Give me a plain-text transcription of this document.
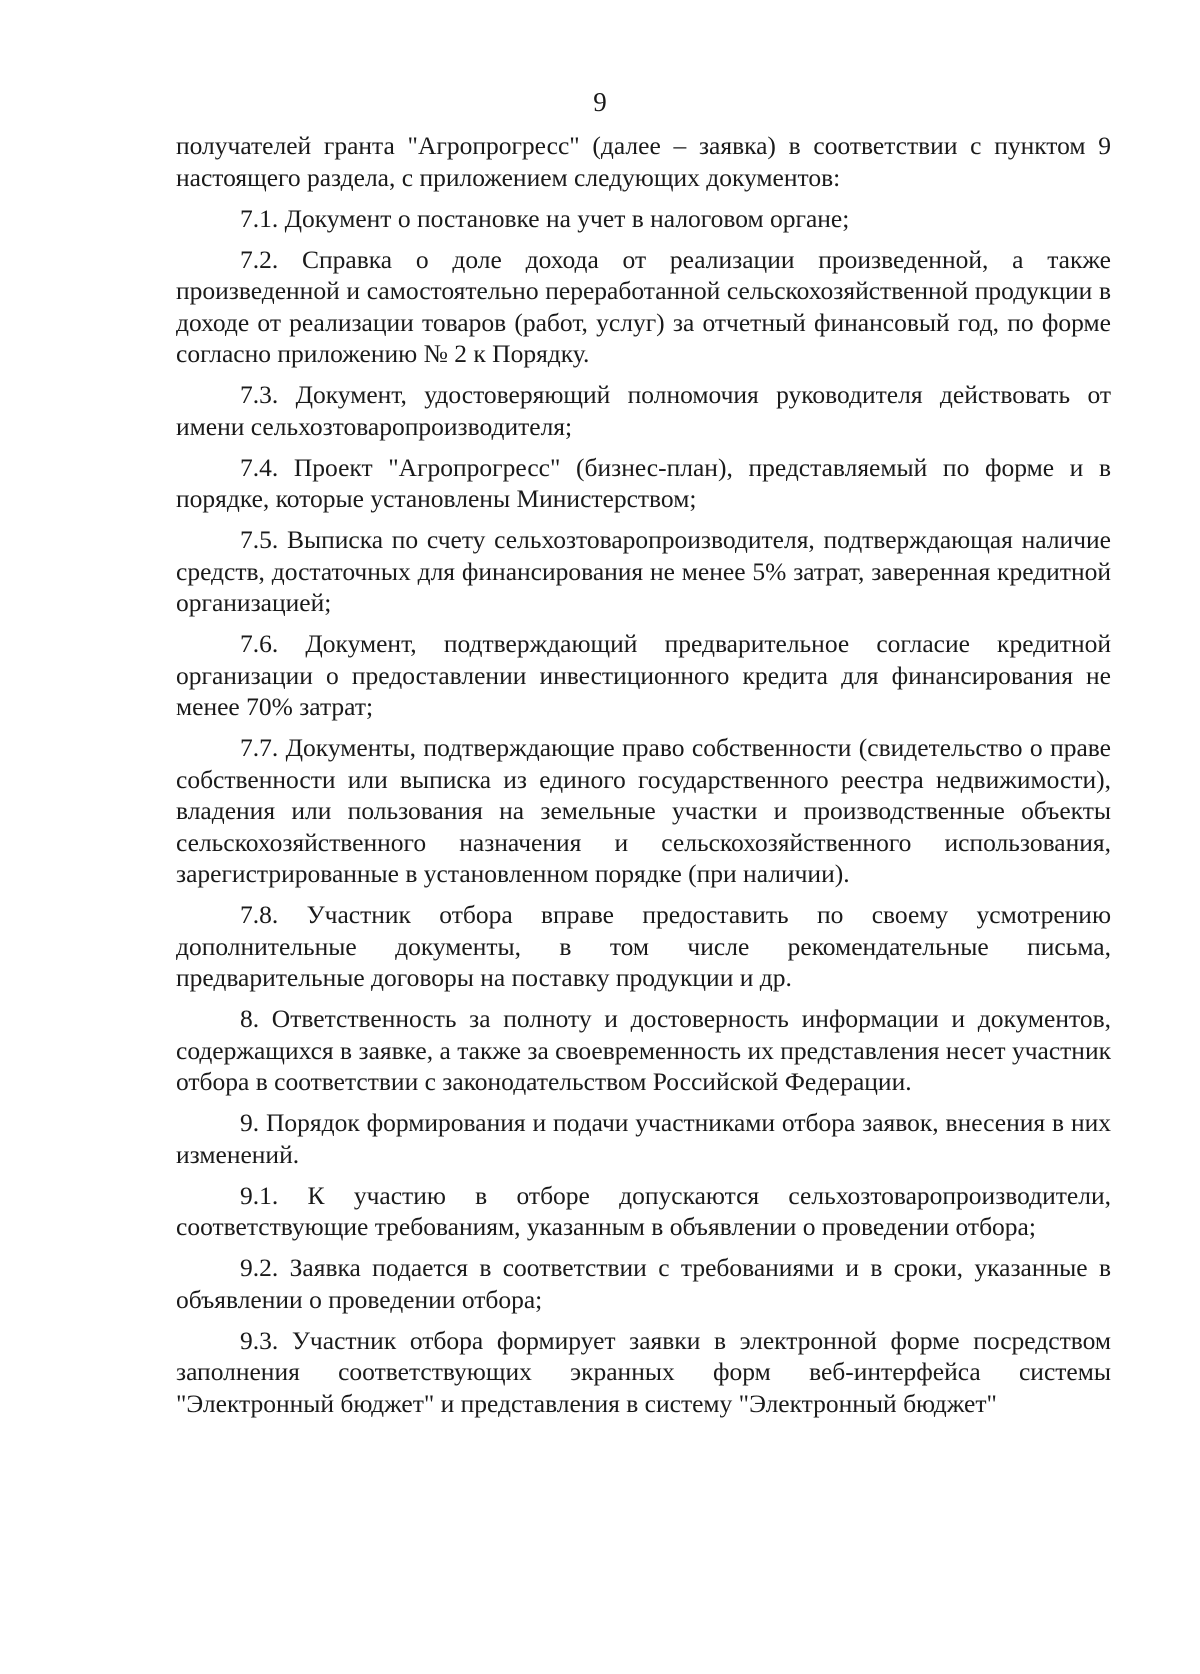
9

получателей гранта "Агропрогресс" (далее – заявка) в соответствии с пунктом 9 настоящего раздела, с приложением следующих документов:

7.1. Документ о постановке на учет в налоговом органе;

7.2. Справка о доле дохода от реализации произведенной, а также произведенной и самостоятельно переработанной сельскохозяйственной продукции в доходе от реализации товаров (работ, услуг) за отчетный финансовый год, по форме согласно приложению № 2 к Порядку.

7.3. Документ, удостоверяющий полномочия руководителя действовать от имени сельхозтоваропроизводителя;

7.4. Проект "Агропрогресс" (бизнес-план), представляемый по форме и в порядке, которые установлены Министерством;

7.5. Выписка по счету сельхозтоваропроизводителя, подтверждающая наличие средств, достаточных для финансирования не менее 5% затрат, заверенная кредитной организацией;

7.6. Документ, подтверждающий предварительное согласие кредитной организации о предоставлении инвестиционного кредита для финансирования не менее 70% затрат;

7.7. Документы, подтверждающие право собственности (свидетельство о праве собственности или выписка из единого государственного реестра недвижимости), владения или пользования на земельные участки и производственные объекты сельскохозяйственного назначения и сельскохозяйственного использования, зарегистрированные в установленном порядке (при наличии).

7.8. Участник отбора вправе предоставить по своему усмотрению дополнительные документы, в том числе рекомендательные письма, предварительные договоры на поставку продукции и др.

8. Ответственность за полноту и достоверность информации и документов, содержащихся в заявке, а также за своевременность их представления несет участник отбора в соответствии с законодательством Российской Федерации.

9. Порядок формирования и подачи участниками отбора заявок, внесения в них изменений.

9.1. К участию в отборе допускаются сельхозтоваропроизводители, соответствующие требованиям, указанным в объявлении о проведении отбора;

9.2. Заявка подается в соответствии с требованиями и в сроки, указанные в объявлении о проведении отбора;

9.3. Участник отбора формирует заявки в электронной форме посредством заполнения соответствующих экранных форм веб-интерфейса системы "Электронный бюджет" и представления в систему "Электронный бюджет"
